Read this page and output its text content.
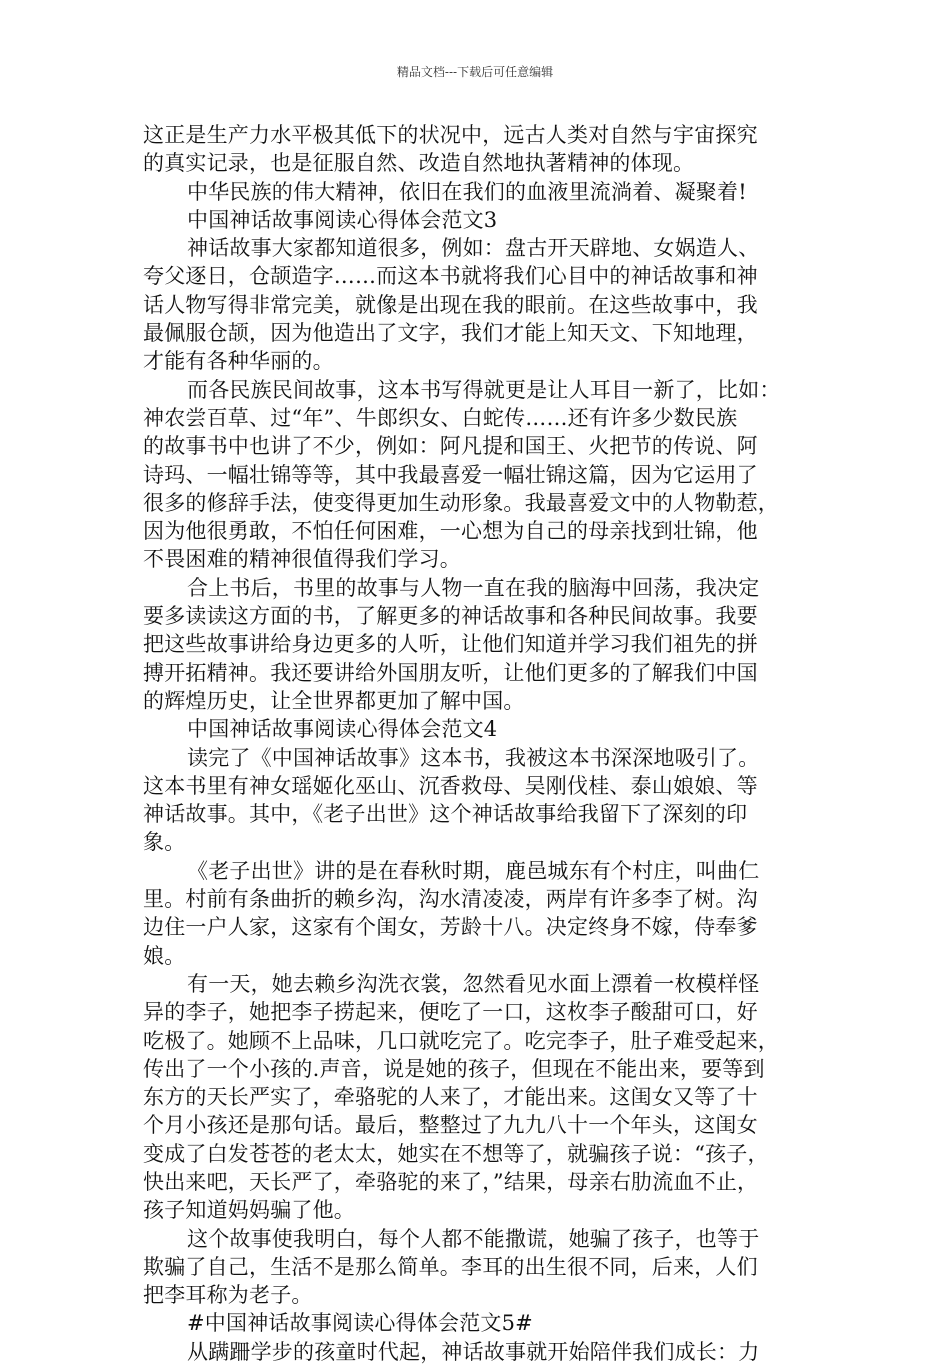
精品文档---下载后可任意编辑
这正是生产力水平极其低下的状况中，远古人类对自然与宇宙探究
的真实记录，也是征服自然、改造自然地执著精神的体现。
中华民族的伟大精神，依旧在我们的血液里流淌着、凝聚着!
中国神话故事阅读心得体会范文3
神话故事大家都知道很多，例如：盘古开天辟地、女娲造人、
夸父逐日，仓颉造字……而这本书就将我们心目中的神话故事和神
话人物写得非常完美，就像是出现在我的眼前。在这些故事中，我
最佩服仓颉，因为他造出了文字，我们才能上知天文、下知地理，
才能有各种华丽的。
而各民族民间故事，这本书写得就更是让人耳目一新了，比如：
神农尝百草、过“年”、牛郎织女、白蛇传……还有许多少数民族
的故事书中也讲了不少，例如：阿凡提和国王、火把节的传说、阿
诗玛、一幅壮锦等等，其中我最喜爱一幅壮锦这篇，因为它运用了
很多的修辞手法，使变得更加生动形象。我最喜爱文中的人物勒惹，
因为他很勇敢，不怕任何困难，一心想为自己的母亲找到壮锦，他
不畏困难的精神很值得我们学习。
合上书后，书里的故事与人物一直在我的脑海中回荡，我决定
要多读读这方面的书，了解更多的神话故事和各种民间故事。我要
把这些故事讲给身边更多的人听，让他们知道并学习我们祖先的拼
搏开拓精神。我还要讲给外国朋友听，让他们更多的了解我们中国
的辉煌历史，让全世界都更加了解中国。
中国神话故事阅读心得体会范文4
读完了《中国神话故事》这本书，我被这本书深深地吸引了。
这本书里有神女瑶姬化巫山、沉香救母、吴刚伐桂、泰山娘娘、等
神话故事。其中，《老子出世》这个神话故事给我留下了深刻的印
象。
《老子出世》讲的是在春秋时期，鹿邑城东有个村庄，叫曲仁
里。村前有条曲折的赖乡沟，沟水清凌凌，两岸有许多李了树。沟
边住一户人家，这家有个闺女，芳龄十八。决定终身不嫁，侍奉爹
娘。
有一天，她去赖乡沟洗衣裳，忽然看见水面上漂着一枚模样怪
异的李子，她把李子捞起来，便吃了一口，这枚李子酸甜可口，好
吃极了。她顾不上品味，几口就吃完了。吃完李子，肚子难受起来，
传出了一个小孩的.声音，说是她的孩子，但现在不能出来，要等到
东方的天长严实了，牵骆驼的人来了，才能出来。这闺女又等了十
个月小孩还是那句话。最后，整整过了九九八十一个年头，这闺女
变成了白发苍苍的老太太，她实在不想等了，就骗孩子说：“孩子，
快出来吧，天长严了，牵骆驼的来了，”结果，母亲右肋流血不止，
孩子知道妈妈骗了他。
这个故事使我明白，每个人都不能撒谎，她骗了孩子，也等于
欺骗了自己，生活不是那么简单。李耳的出生很不同，后来，人们
把李耳称为老子。
#中国神话故事阅读心得体会范文5#
从蹒跚学步的孩童时代起，神话故事就开始陪伴我们成长：力
